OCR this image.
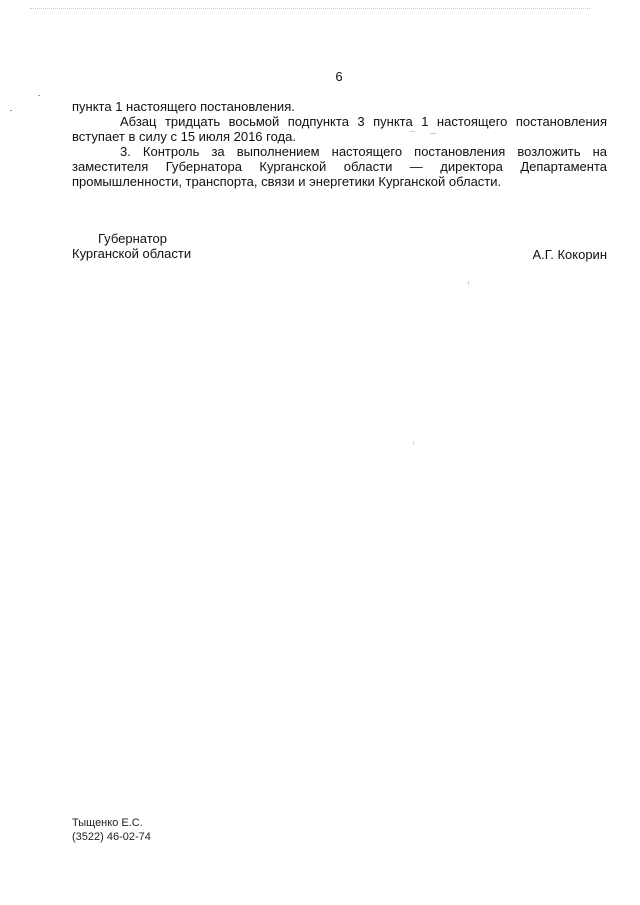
6

пункта 1 настоящего постановления.

Абзац тридцать восьмой подпункта 3 пункта 1 настоящего постановления вступает в силу с 15 июля 2016 года.

3. Контроль за выполнением настоящего постановления возложить на заместителя Губернатора Курганской области — директора Департамента промышленности, транспорта, связи и энергетики Курганской области.

Губернатор
Курганской области	А.Г. Кокорин
Тыщенко Е.С.
(3522) 46-02-74
